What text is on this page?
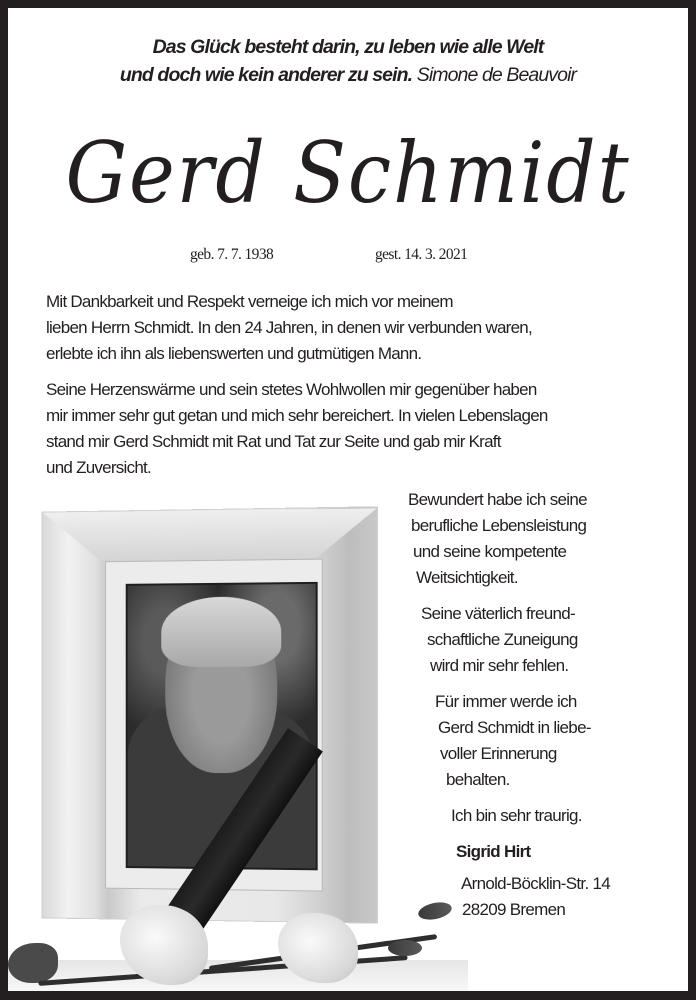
Das Glück besteht darin, zu leben wie alle Welt
und doch wie kein anderer zu sein. Simone de Beauvoir
Gerd Schmidt
geb. 7. 7. 1938	gest. 14. 3. 2021

Mit Dankbarkeit und Respekt verneige ich mich vor meinem
lieben Herrn Schmidt. In den 24 Jahren, in denen wir verbunden waren,
erlebte ich ihn als liebenswerten und gutmütigen Mann.

Seine Herzenswärme und sein stetes Wohlwollen mir gegenüber haben
mir immer sehr gut getan und mich sehr bereichert. In vielen Lebenslagen
stand mir Gerd Schmidt mit Rat und Tat zur Seite und gab mir Kraft
und Zuversicht.

Bewundert habe ich seine
berufliche Lebensleistung
und seine kompetente
Weitsichtigkeit.
Seine väterlich freund-
schaftliche Zuneigung
wird mir sehr fehlen.
Für immer werde ich
Gerd Schmidt in liebe-
voller Erinnerung
behalten.
Ich bin sehr traurig.
Sigrid Hirt
Arnold-Böcklin-Str. 14
28209 Bremen
